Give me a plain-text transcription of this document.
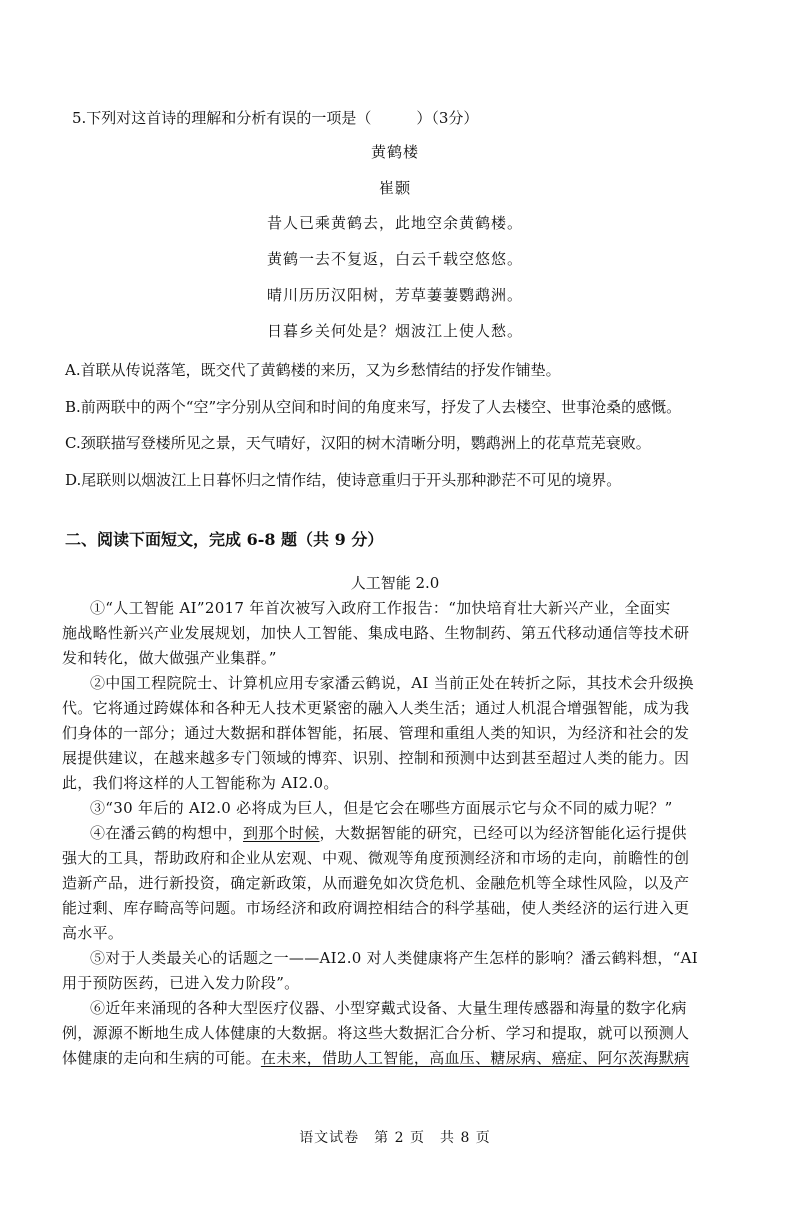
5.下列对这首诗的理解和分析有误的一项是（　　　）（3分）
黄鹤楼
崔颢
昔人已乘黄鹤去，此地空余黄鹤楼。
黄鹤一去不复返，白云千载空悠悠。
晴川历历汉阳树，芳草萋萋鹦鹉洲。
日暮乡关何处是？烟波江上使人愁。
A.首联从传说落笔，既交代了黄鹤楼的来历，又为乡愁情结的抒发作铺垫。
B.前两联中的两个“空”字分别从空间和时间的角度来写，抒发了人去楼空、世事沧桑的感慨。
C.颈联描写登楼所见之景，天气晴好，汉阳的树木清晰分明，鹦鹉洲上的花草荒芜衰败。
D.尾联则以烟波江上日暮怀归之情作结，使诗意重归于开头那种渺茫不可见的境界。
二、阅读下面短文，完成 6-8 题（共 9 分）
人工智能 2.0
①“人工智能 AI”2017 年首次被写入政府工作报告：“加快培育壮大新兴产业，全面实
施战略性新兴产业发展规划，加快人工智能、集成电路、生物制药、第五代移动通信等技术研
发和转化，做大做强产业集群。”
②中国工程院院士、计算机应用专家潘云鹤说，AI 当前正处在转折之际，其技术会升级换
代。它将通过跨媒体和各种无人技术更紧密的融入人类生活；通过人机混合增强智能，成为我
们身体的一部分；通过大数据和群体智能，拓展、管理和重组人类的知识，为经济和社会的发
展提供建议，在越来越多专门领域的博弈、识别、控制和预测中达到甚至超过人类的能力。因
此，我们将这样的人工智能称为 AI2.0。
③“30 年后的 AI2.0 必将成为巨人，但是它会在哪些方面展示它与众不同的威力呢？”
④在潘云鹤的构想中，到那个时候，大数据智能的研究，已经可以为经济智能化运行提供
强大的工具，帮助政府和企业从宏观、中观、微观等角度预测经济和市场的走向，前瞻性的创
造新产品，进行新投资，确定新政策，从而避免如次贷危机、金融危机等全球性风险，以及产
能过剩、库存畸高等问题。市场经济和政府调控相结合的科学基础，使人类经济的运行进入更
高水平。
⑤对于人类最关心的话题之一——AI2.0 对人类健康将产生怎样的影响？潘云鹤料想，“AI
用于预防医药，已进入发力阶段”。
⑥近年来涌现的各种大型医疗仪器、小型穿戴式设备、大量生理传感器和海量的数字化病
例，源源不断地生成人体健康的大数据。将这些大数据汇合分析、学习和提取，就可以预测人
体健康的走向和生病的可能。在未来，借助人工智能，高血压、糖尿病、癌症、阿尔茨海默病
语文试卷　第 2 页　共 8 页
